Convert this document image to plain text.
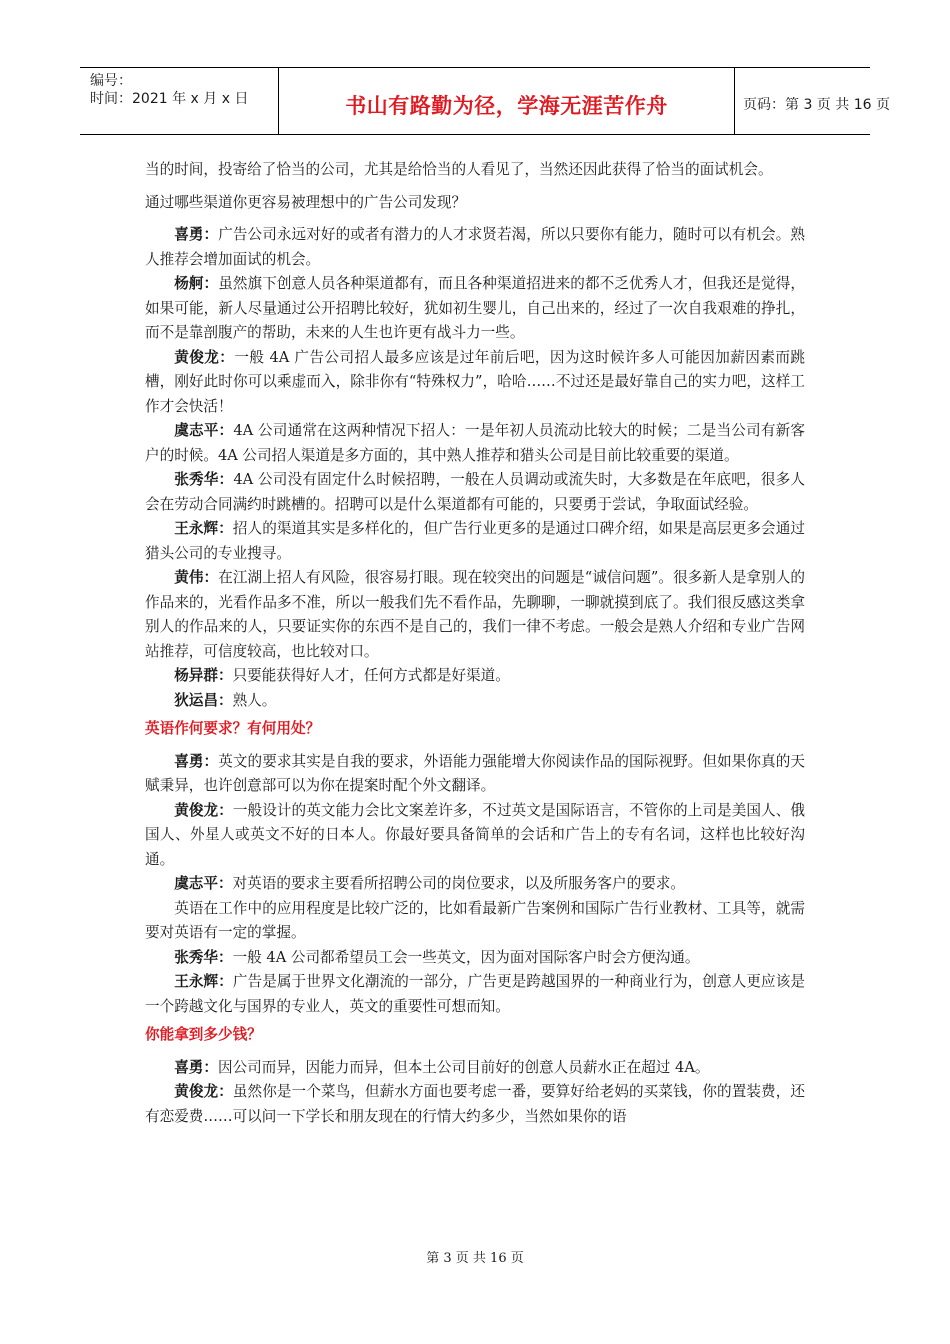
编号：
时间：2021 年 x 月 x 日	书山有路勤为径，学海无涯苦作舟	页码：第 3 页 共 16 页

当的时间，投寄给了恰当的公司，尤其是给恰当的人看见了，当然还因此获得了恰当的面试机会。

通过哪些渠道你更容易被理想中的广告公司发现？

喜勇：广告公司永远对好的或者有潜力的人才求贤若渴，所以只要你有能力，随时可以有机会。熟人推荐会增加面试的机会。

杨舸：虽然旗下创意人员各种渠道都有，而且各种渠道招进来的都不乏优秀人才，但我还是觉得，如果可能，新人尽量通过公开招聘比较好，犹如初生婴儿，自己出来的，经过了一次自我艰难的挣扎，而不是靠剖腹产的帮助，未来的人生也许更有战斗力一些。

黄俊龙：一般 4A 广告公司招人最多应该是过年前后吧，因为这时候许多人可能因加薪因素而跳槽，刚好此时你可以乘虚而入，除非你有“特殊权力”，哈哈……不过还是最好靠自己的实力吧，这样工作才会快活！

虞志平：4A 公司通常在这两种情况下招人：一是年初人员流动比较大的时候；二是当公司有新客户的时候。4A 公司招人渠道是多方面的，其中熟人推荐和猎头公司是目前比较重要的渠道。

张秀华：4A 公司没有固定什么时候招聘，一般在人员调动或流失时，大多数是在年底吧，很多人会在劳动合同满约时跳槽的。招聘可以是什么渠道都有可能的，只要勇于尝试，争取面试经验。

王永辉：招人的渠道其实是多样化的，但广告行业更多的是通过口碑介绍，如果是高层更多会通过猎头公司的专业搜寻。

黄伟：在江湖上招人有风险，很容易打眼。现在较突出的问题是“诚信问题”。很多新人是拿别人的作品来的，光看作品多不准，所以一般我们先不看作品，先聊聊，一聊就摸到底了。我们很反感这类拿别人的作品来的人，只要证实你的东西不是自己的，我们一律不考虑。一般会是熟人介绍和专业广告网站推荐，可信度较高，也比较对口。

杨异群：只要能获得好人才，任何方式都是好渠道。

狄运昌：熟人。

英语作何要求？有何用处？

喜勇：英文的要求其实是自我的要求，外语能力强能增大你阅读作品的国际视野。但如果你真的天赋秉异，也许创意部可以为你在提案时配个外文翻译。

黄俊龙：一般设计的英文能力会比文案差许多，不过英文是国际语言，不管你的上司是美国人、俄国人、外星人或英文不好的日本人。你最好要具备简单的会话和广告上的专有名词，这样也比较好沟通。

虞志平：对英语的要求主要看所招聘公司的岗位要求，以及所服务客户的要求。

英语在工作中的应用程度是比较广泛的，比如看最新广告案例和国际广告行业教材、工具等，就需要对英语有一定的掌握。

张秀华：一般 4A 公司都希望员工会一些英文，因为面对国际客户时会方便沟通。

王永辉：广告是属于世界文化潮流的一部分，广告更是跨越国界的一种商业行为，创意人更应该是一个跨越文化与国界的专业人，英文的重要性可想而知。

你能拿到多少钱？

喜勇：因公司而异，因能力而异，但本土公司目前好的创意人员薪水正在超过 4A。

黄俊龙：虽然你是一个菜鸟，但薪水方面也要考虑一番，要算好给老妈的买菜钱，你的置装费，还有恋爱费……可以问一下学长和朋友现在的行情大约多少，当然如果你的语

第 3 页 共 16 页
